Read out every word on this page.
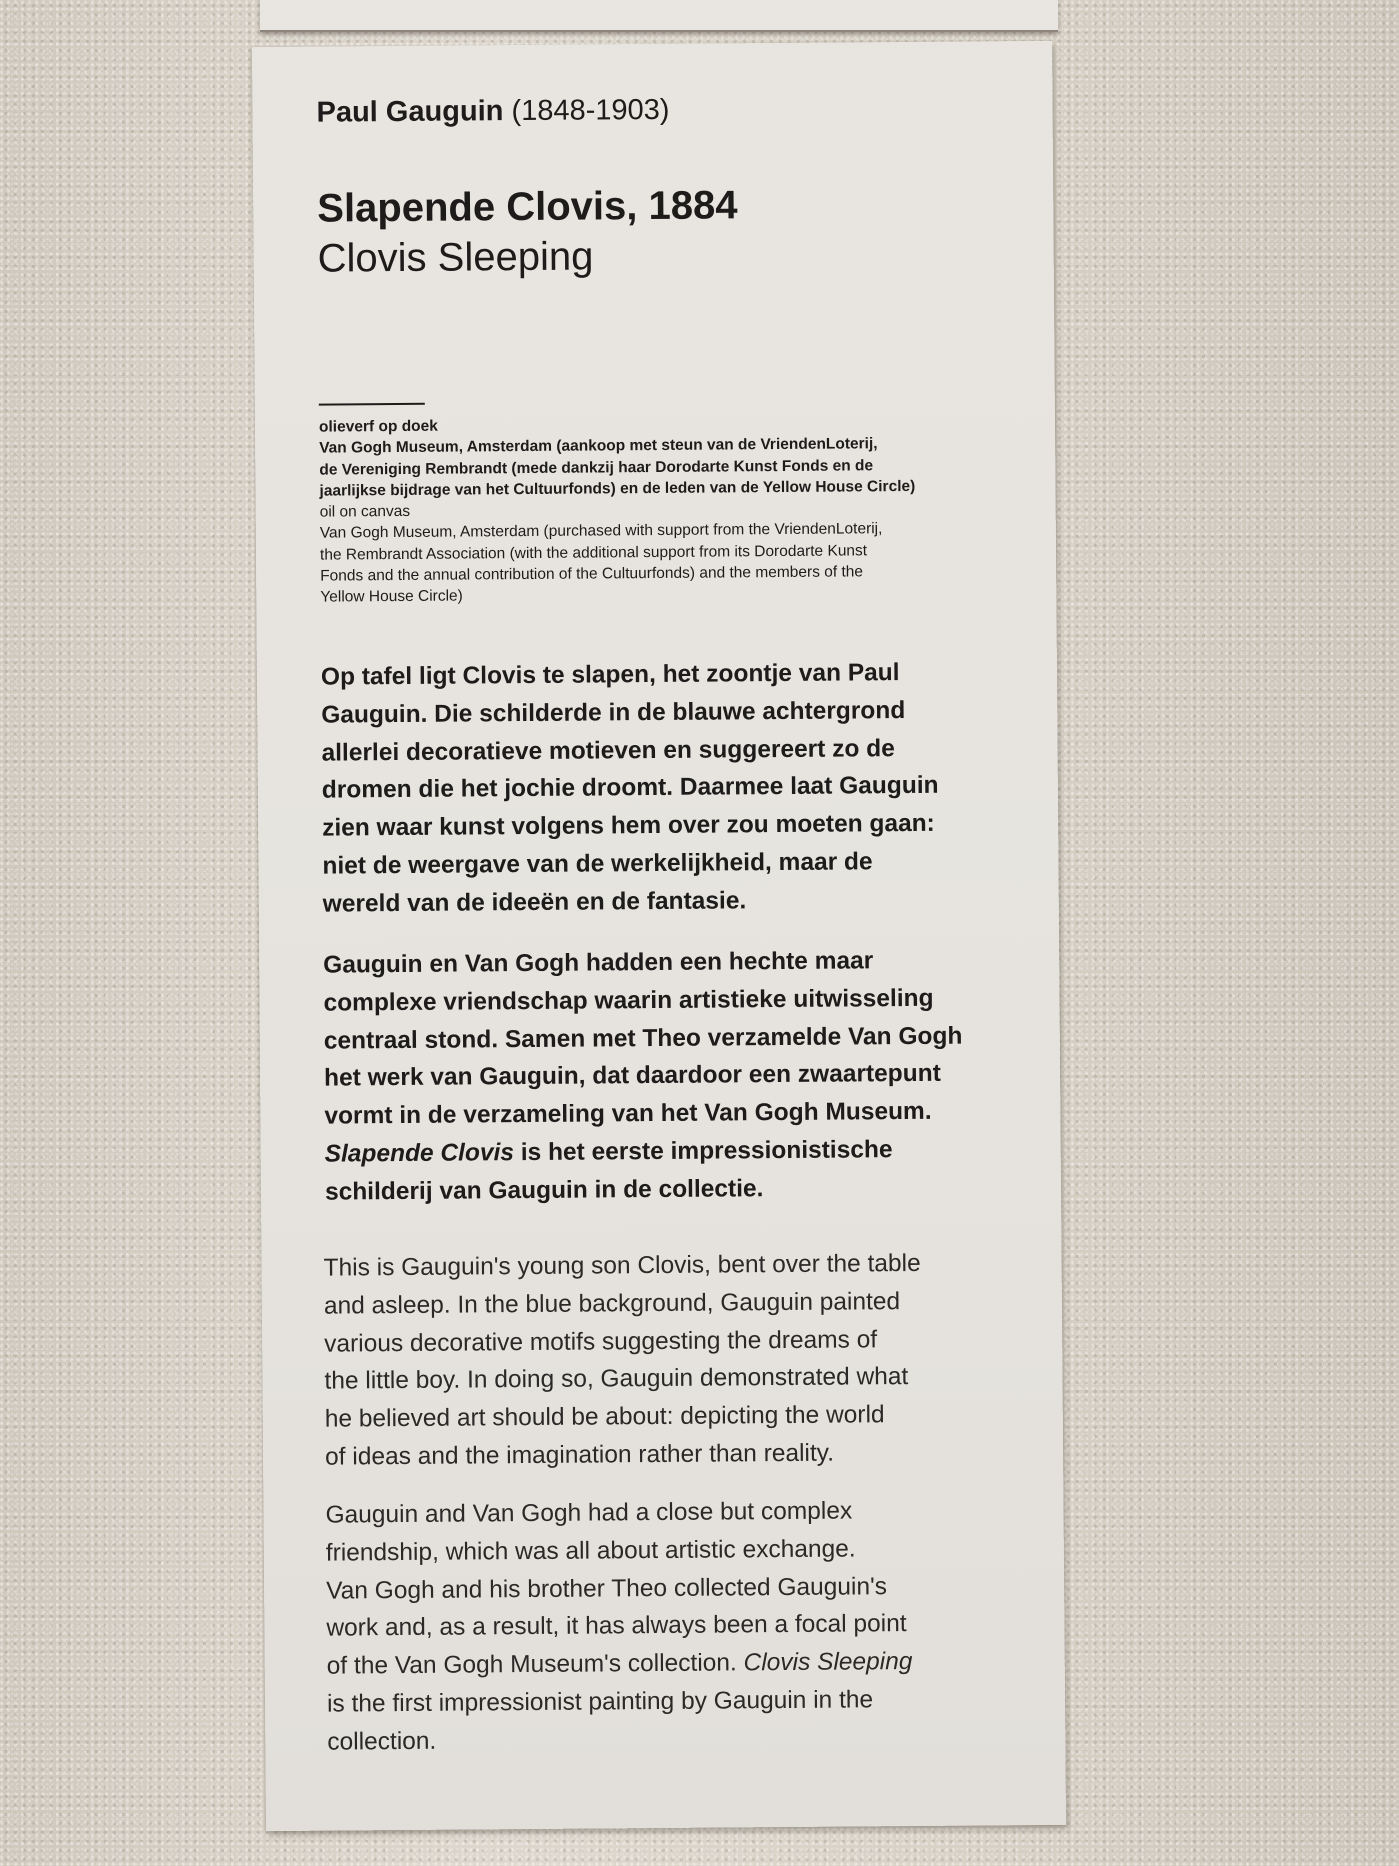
Paul Gauguin (1848-1903)
Slapende Clovis, 1884
Clovis Sleeping

olieverf op doek

Van Gogh Museum, Amsterdam (aankoop met steun van de VriendenLoterij,

de Vereniging Rembrandt (mede dankzij haar Dorodarte Kunst Fonds en de

jaarlijkse bijdrage van het Cultuurfonds) en de leden van de Yellow House Circle)

oil on canvas

Van Gogh Museum, Amsterdam (purchased with support from the VriendenLoterij,

the Rembrandt Association (with the additional support from its Dorodarte Kunst

Fonds and the annual contribution of the Cultuurfonds) and the members of the

Yellow House Circle)

Op tafel ligt Clovis te slapen, het zoontje van Paul
Gauguin. Die schilderde in de blauwe achtergrond
allerlei decoratieve motieven en suggereert zo de
dromen die het jochie droomt. Daarmee laat Gauguin
zien waar kunst volgens hem over zou moeten gaan:
niet de weergave van de werkelijkheid, maar de
wereld van de ideeën en de fantasie.
Gauguin en Van Gogh hadden een hechte maar
complexe vriendschap waarin artistieke uitwisseling
centraal stond. Samen met Theo verzamelde Van Gogh
het werk van Gauguin, dat daardoor een zwaartepunt
vormt in de verzameling van het Van Gogh Museum.
Slapende Clovis is het eerste impressionistische
schilderij van Gauguin in de collectie.
This is Gauguin's young son Clovis, bent over the table
and asleep. In the blue background, Gauguin painted
various decorative motifs suggesting the dreams of
the little boy. In doing so, Gauguin demonstrated what
he believed art should be about: depicting the world
of ideas and the imagination rather than reality.
Gauguin and Van Gogh had a close but complex
friendship, which was all about artistic exchange.
Van Gogh and his brother Theo collected Gauguin's
work and, as a result, it has always been a focal point
of the Van Gogh Museum's collection. Clovis Sleeping
is the first impressionist painting by Gauguin in the
collection.
